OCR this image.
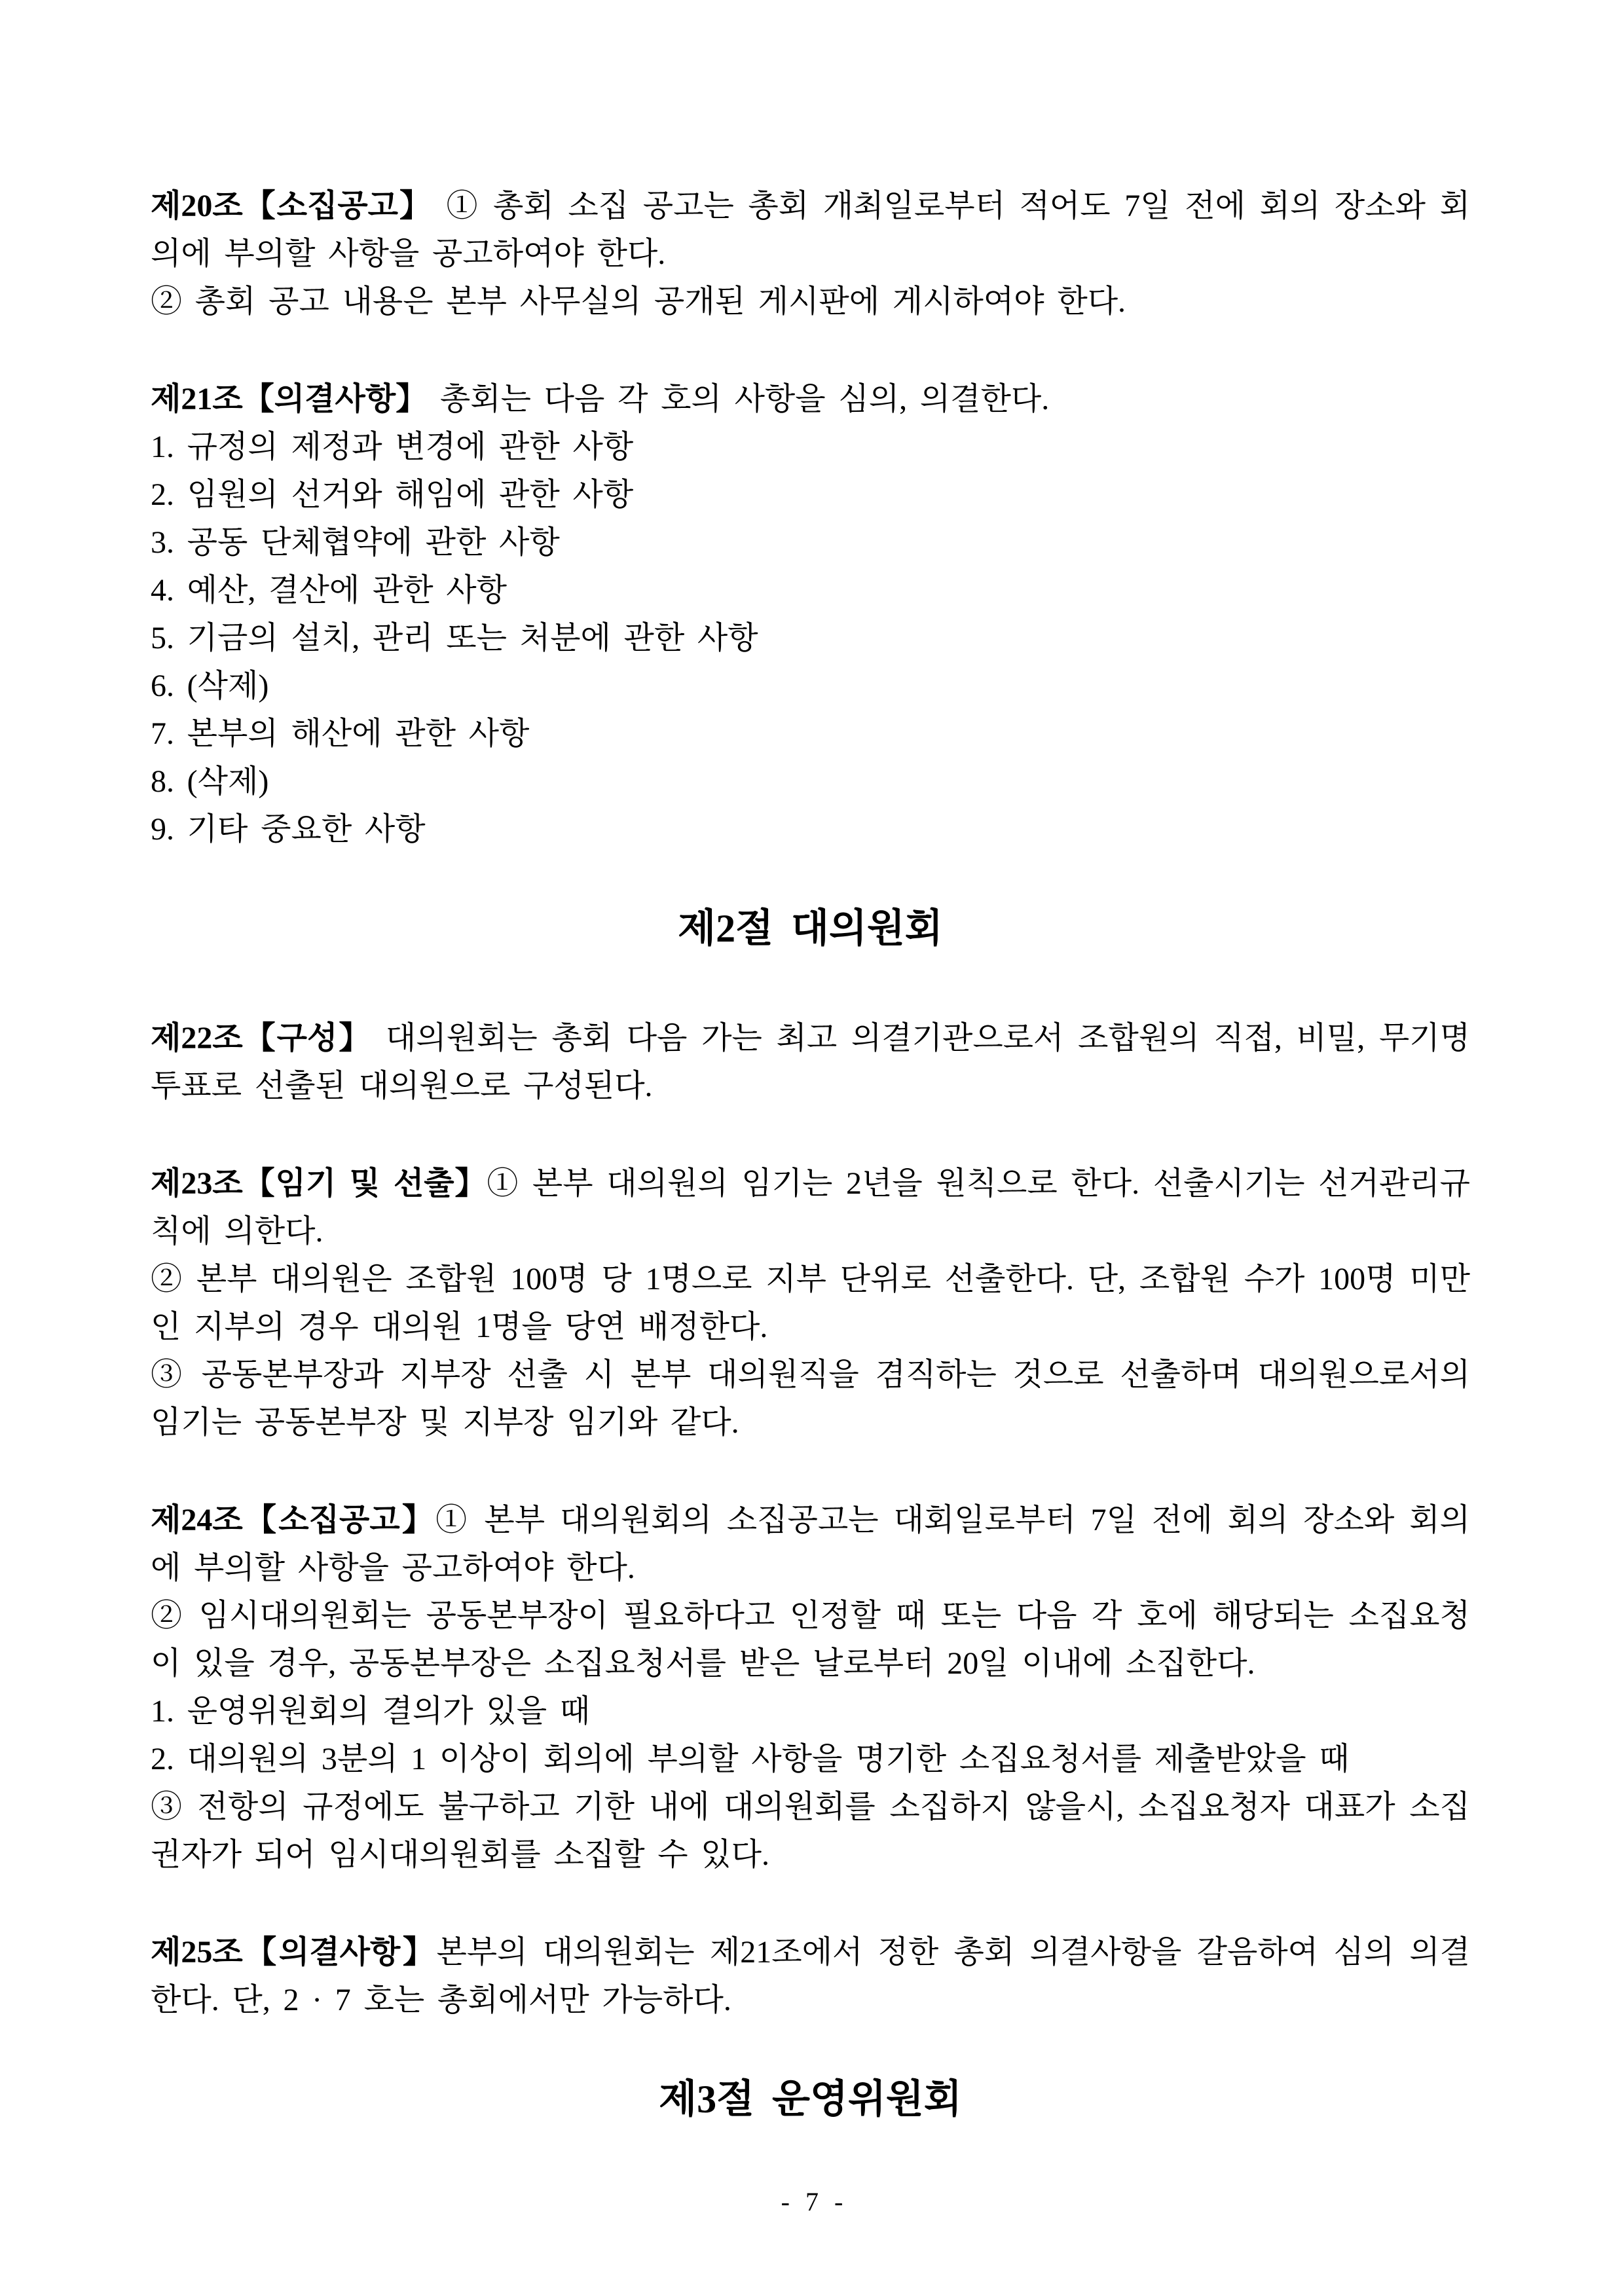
제20조【소집공고】 ① 총회 소집 공고는 총회 개최일로부터 적어도 7일 전에 회의 장소와 회의에 부의할 사항을 공고하여야 한다.

② 총회 공고 내용은 본부 사무실의 공개된 게시판에 게시하여야 한다.

제21조【의결사항】 총회는 다음 각 호의 사항을 심의, 의결한다.

1. 규정의 제정과 변경에 관한 사항
2. 임원의 선거와 해임에 관한 사항
3. 공동 단체협약에 관한 사항
4. 예산, 결산에 관한 사항
5. 기금의 설치, 관리 또는 처분에 관한 사항
6. (삭제)
7. 본부의 해산에 관한 사항
8. (삭제)
9. 기타 중요한 사항
제2절 대의원회

제22조【구성】 대의원회는 총회 다음 가는 최고 의결기관으로서 조합원의 직접, 비밀, 무기명 투표로 선출된 대의원으로 구성된다.

제23조【임기 및 선출】① 본부 대의원의 임기는 2년을 원칙으로 한다. 선출시기는 선거관리규칙에 의한다.

② 본부 대의원은 조합원 100명 당 1명으로 지부 단위로 선출한다. 단, 조합원 수가 100명 미만인 지부의 경우 대의원 1명을 당연 배정한다.

③ 공동본부장과 지부장 선출 시 본부 대의원직을 겸직하는 것으로 선출하며 대의원으로서의 임기는 공동본부장 및 지부장 임기와 같다.

제24조【소집공고】① 본부 대의원회의 소집공고는 대회일로부터 7일 전에 회의 장소와 회의에 부의할 사항을 공고하여야 한다.

② 임시대의원회는 공동본부장이 필요하다고 인정할 때 또는 다음 각 호에 해당되는 소집요청이 있을 경우, 공동본부장은 소집요청서를 받은 날로부터 20일 이내에 소집한다.

1. 운영위원회의 결의가 있을 때
2. 대의원의 3분의 1 이상이 회의에 부의할 사항을 명기한 소집요청서를 제출받았을 때

③ 전항의 규정에도 불구하고 기한 내에 대의원회를 소집하지 않을시, 소집요청자 대표가 소집권자가 되어 임시대의원회를 소집할 수 있다.

제25조【의결사항】본부의 대의원회는 제21조에서 정한 총회 의결사항을 갈음하여 심의 의결한다. 단, 2 · 7 호는 총회에서만 가능하다.

제3절 운영위원회
- 7 -
